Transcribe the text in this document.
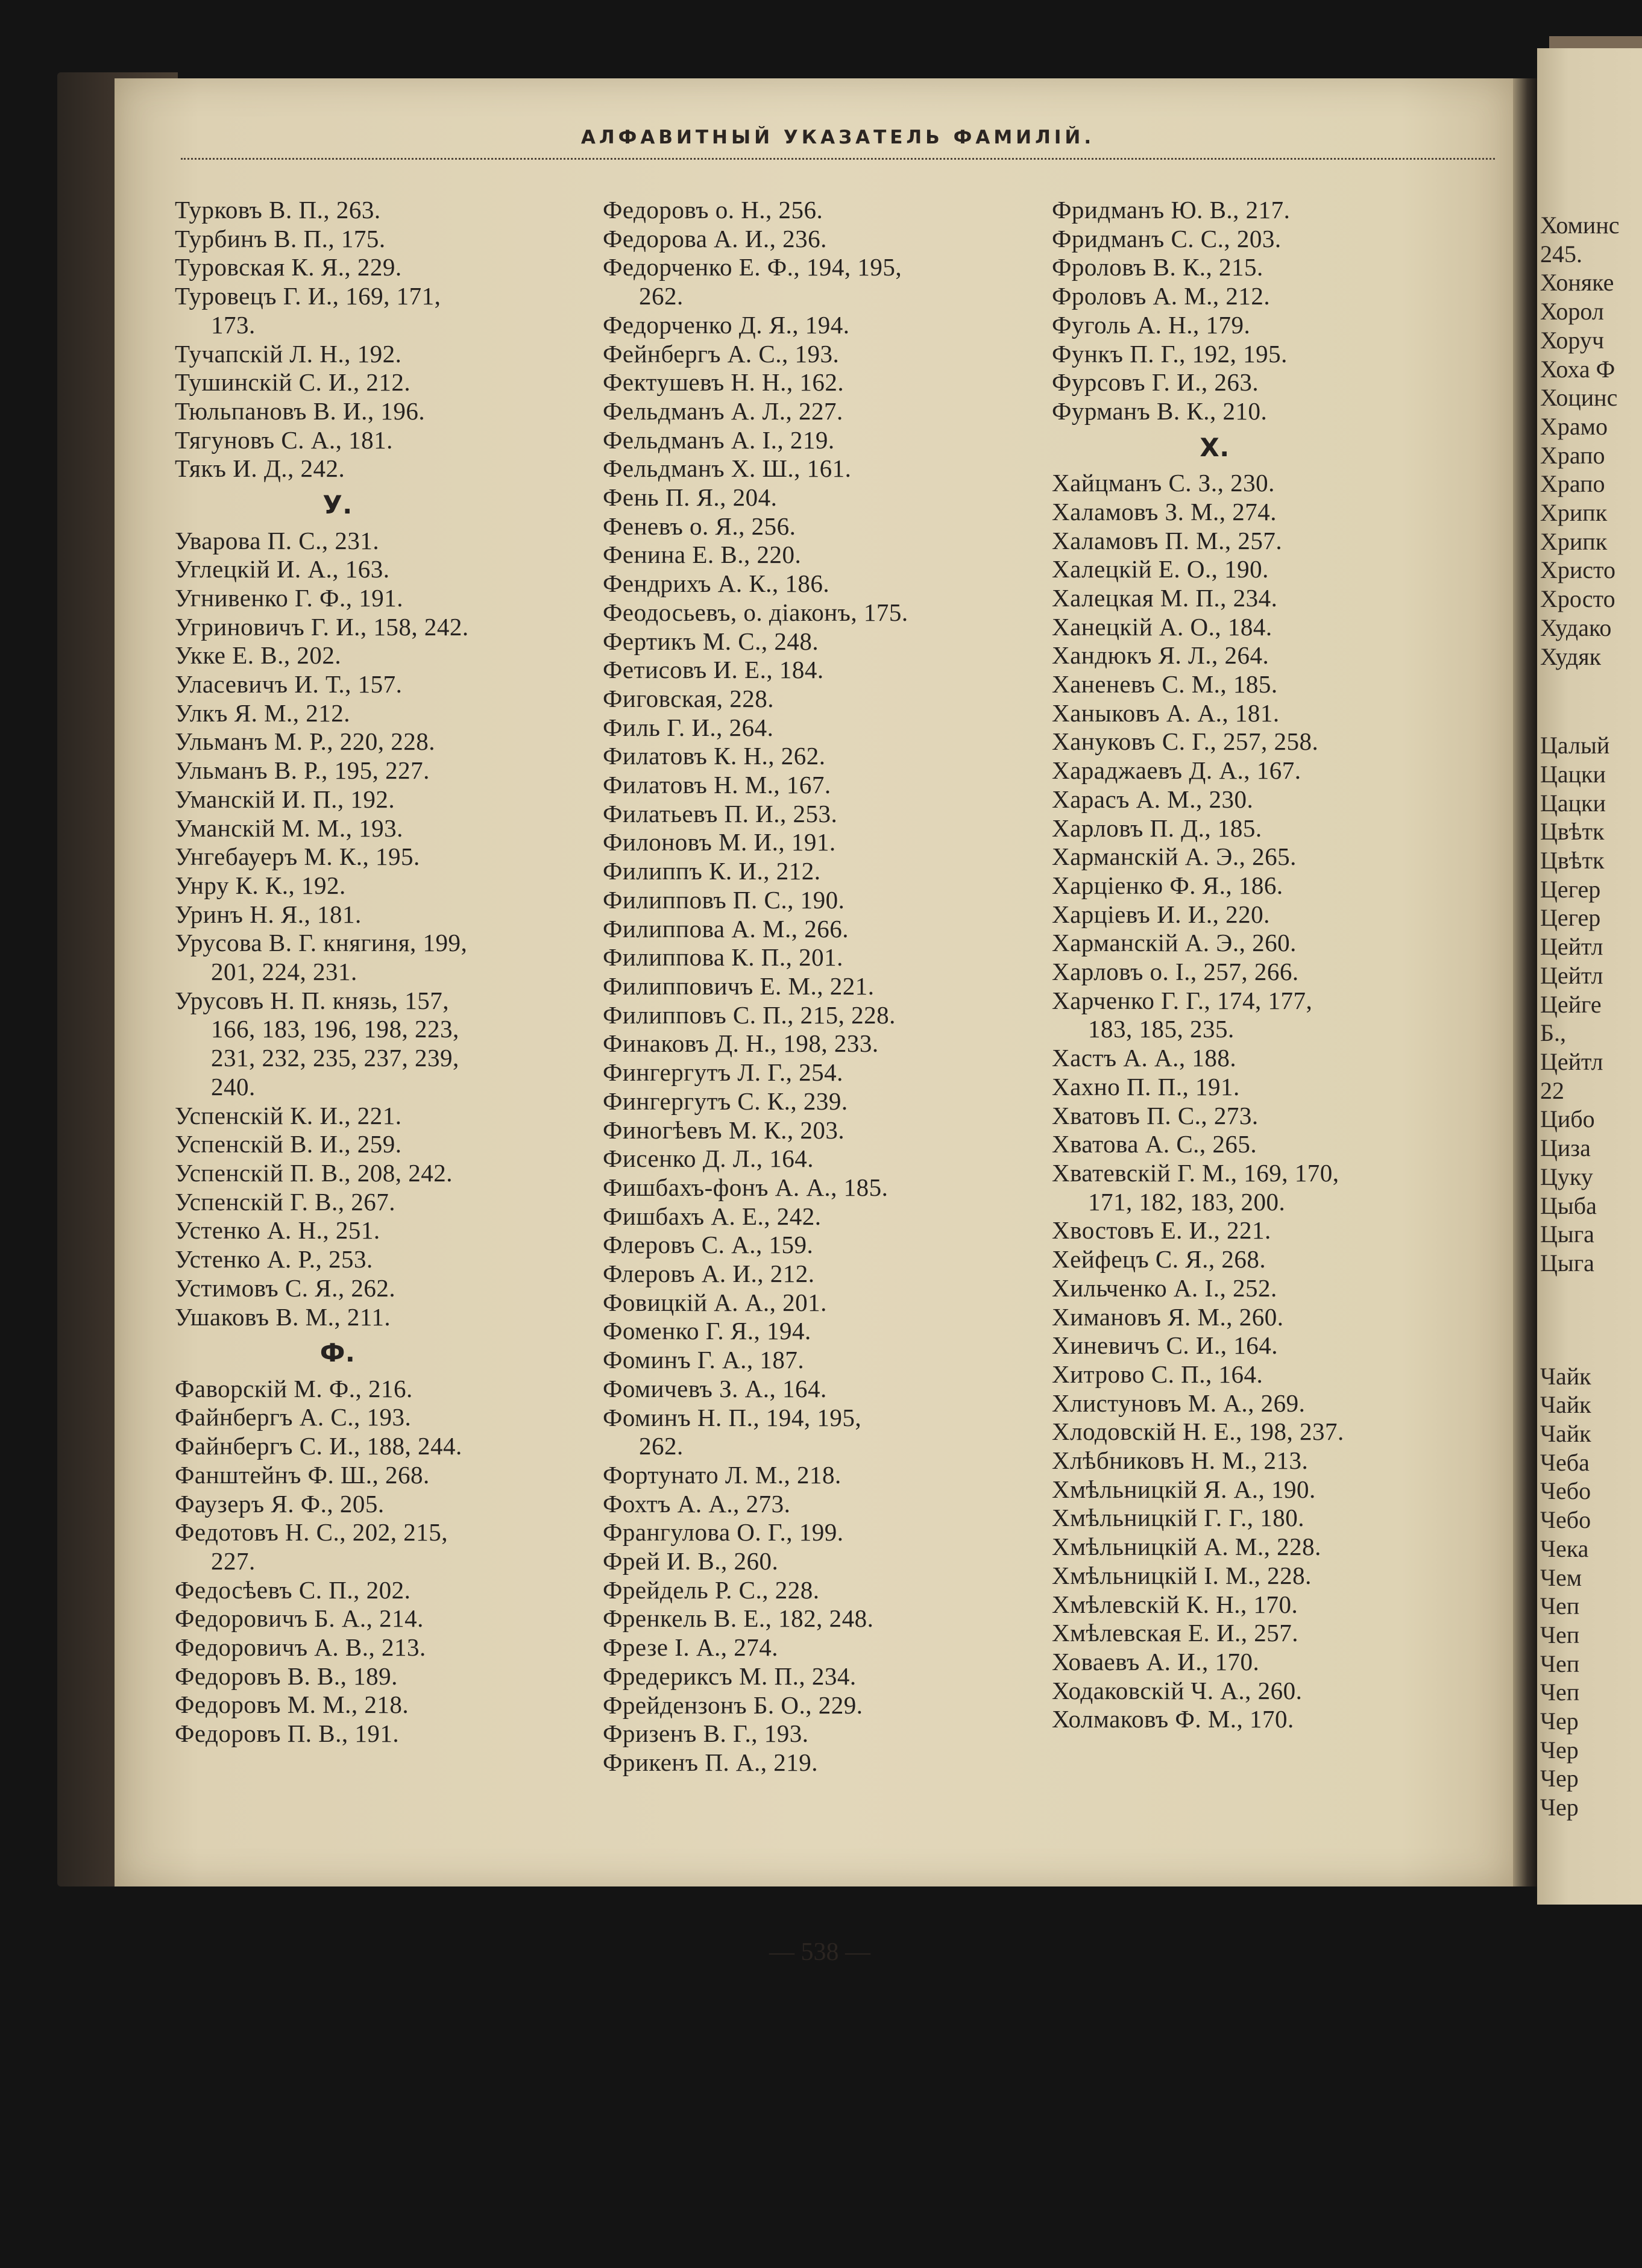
АЛФАВИТНЫЙ УКАЗАТЕЛЬ ФАМИЛІЙ.
Турковъ В. П., 263.
Турбинъ В. П., 175.
Туровская К. Я., 229.
Туровецъ Г. И., 169, 171,
173.
Тучапскій Л. Н., 192.
Тушинскій С. И., 212.
Тюльпановъ В. И., 196.
Тягуновъ С. А., 181.
Тякъ И. Д., 242.
У.
Уварова П. С., 231.
Углецкій И. А., 163.
Угнивенко Г. Ф., 191.
Угриновичъ Г. И., 158, 242.
Укке Е. В., 202.
Уласевичъ И. Т., 157.
Улкъ Я. М., 212.
Ульманъ М. Р., 220, 228.
Ульманъ В. Р., 195, 227.
Уманскій И. П., 192.
Уманскій М. М., 193.
Унгебауеръ М. К., 195.
Унру К. К., 192.
Уринъ Н. Я., 181.
Урусова В. Г. княгиня, 199,
201, 224, 231.
Урусовъ Н. П. князь, 157,
166, 183, 196, 198, 223,
231, 232, 235, 237, 239,
240.
Успенскій К. И., 221.
Успенскій В. И., 259.
Успенскій П. В., 208, 242.
Успенскій Г. В., 267.
Устенко А. Н., 251.
Устенко А. Р., 253.
Устимовъ С. Я., 262.
Ушаковъ В. М., 211.
Ф.
Фаворскій М. Ф., 216.
Файнбергъ А. С., 193.
Файнбергъ С. И., 188, 244.
Фанштейнъ Ф. Ш., 268.
Фаузеръ Я. Ф., 205.
Федотовъ Н. С., 202, 215,
227.
Федосѣевъ С. П., 202.
Федоровичъ Б. А., 214.
Федоровичъ А. В., 213.
Федоровъ В. В., 189.
Федоровъ М. М., 218.
Федоровъ П. В., 191.
Федоровъ о. Н., 256.
Федорова А. И., 236.
Федорченко Е. Ф., 194, 195,
262.
Федорченко Д. Я., 194.
Фейнбергъ А. С., 193.
Фектушевъ Н. Н., 162.
Фельдманъ А. Л., 227.
Фельдманъ А. І., 219.
Фельдманъ Х. Ш., 161.
Фень П. Я., 204.
Феневъ о. Я., 256.
Фенина Е. В., 220.
Фендрихъ А. К., 186.
Феодосьевъ, о. діаконъ, 175.
Фертикъ М. С., 248.
Фетисовъ И. Е., 184.
Фиговская, 228.
Филь Г. И., 264.
Филатовъ К. Н., 262.
Филатовъ Н. М., 167.
Филатьевъ П. И., 253.
Филоновъ М. И., 191.
Филиппъ К. И., 212.
Филипповъ П. С., 190.
Филиппова А. М., 266.
Филиппова К. П., 201.
Филипповичъ Е. М., 221.
Филипповъ С. П., 215, 228.
Финаковъ Д. Н., 198, 233.
Фингергутъ Л. Г., 254.
Фингергутъ С. К., 239.
Финогѣевъ М. К., 203.
Фисенко Д. Л., 164.
Фишбахъ-фонъ А. А., 185.
Фишбахъ А. Е., 242.
Флеровъ С. А., 159.
Флеровъ А. И., 212.
Фовицкій А. А., 201.
Фоменко Г. Я., 194.
Фоминъ Г. А., 187.
Фомичевъ З. А., 164.
Фоминъ Н. П., 194, 195,
262.
Фортунато Л. М., 218.
Фохтъ А. А., 273.
Франгулова О. Г., 199.
Фрей И. В., 260.
Фрейдель Р. С., 228.
Френкель В. Е., 182, 248.
Фрезе І. А., 274.
Фредериксъ М. П., 234.
Фрейдензонъ Б. О., 229.
Фризенъ В. Г., 193.
Фрикенъ П. А., 219.
Фридманъ Ю. В., 217.
Фридманъ С. С., 203.
Фроловъ В. К., 215.
Фроловъ А. М., 212.
Фуголь А. Н., 179.
Функъ П. Г., 192, 195.
Фурсовъ Г. И., 263.
Фурманъ В. К., 210.
Х.
Хайцманъ С. З., 230.
Халамовъ З. М., 274.
Халамовъ П. М., 257.
Халецкій Е. О., 190.
Халецкая М. П., 234.
Ханецкій А. О., 184.
Хандюкъ Я. Л., 264.
Ханеневъ С. М., 185.
Ханыковъ А. А., 181.
Хануковъ С. Г., 257, 258.
Хараджаевъ Д. А., 167.
Харасъ А. М., 230.
Харловъ П. Д., 185.
Харманскій А. Э., 265.
Харціенко Ф. Я., 186.
Харціевъ И. И., 220.
Харманскій А. Э., 260.
Харловъ о. І., 257, 266.
Харченко Г. Г., 174, 177,
183, 185, 235.
Хастъ А. А., 188.
Хахно П. П., 191.
Хватовъ П. С., 273.
Хватова А. С., 265.
Хватевскій Г. М., 169, 170,
171, 182, 183, 200.
Хвостовъ Е. И., 221.
Хейфецъ С. Я., 268.
Хильченко А. І., 252.
Химановъ Я. М., 260.
Хиневичъ С. И., 164.
Хитрово С. П., 164.
Хлистуновъ М. А., 269.
Хлодовскій Н. Е., 198, 237.
Хлѣбниковъ Н. М., 213.
Хмѣльницкій Я. А., 190.
Хмѣльницкій Г. Г., 180.
Хмѣльницкій А. М., 228.
Хмѣльницкій І. М., 228.
Хмѣлевскій К. Н., 170.
Хмѣлевская Е. И., 257.
Ховаевъ А. И., 170.
Ходаковскій Ч. А., 260.
Холмаковъ Ф. М., 170.
Хоминс
245.
Хоняке
Хорол
Хоруч
Хоха Ф
Хоцинс
Храмо
Храпо
Храпо
Хрипк
Хрипк
Христо
Хросто
Худако
Худяк
Цалый
Цацки
Цацки
Цвѣтк
Цвѣтк
Цегер
Цегер
Цейтл
Цейтл
Цейге
Б.,
Цейтл
22
Цибо
Циза
Цуку
Цыба
Цыга
Цыга
Чайк
Чайк
Чайк
Чеба
Чебо
Чебо
Чека
Чем
Чеп
Чеп
Чеп
Чеп
Чер
Чер
Чер
Чер
— 538 —
